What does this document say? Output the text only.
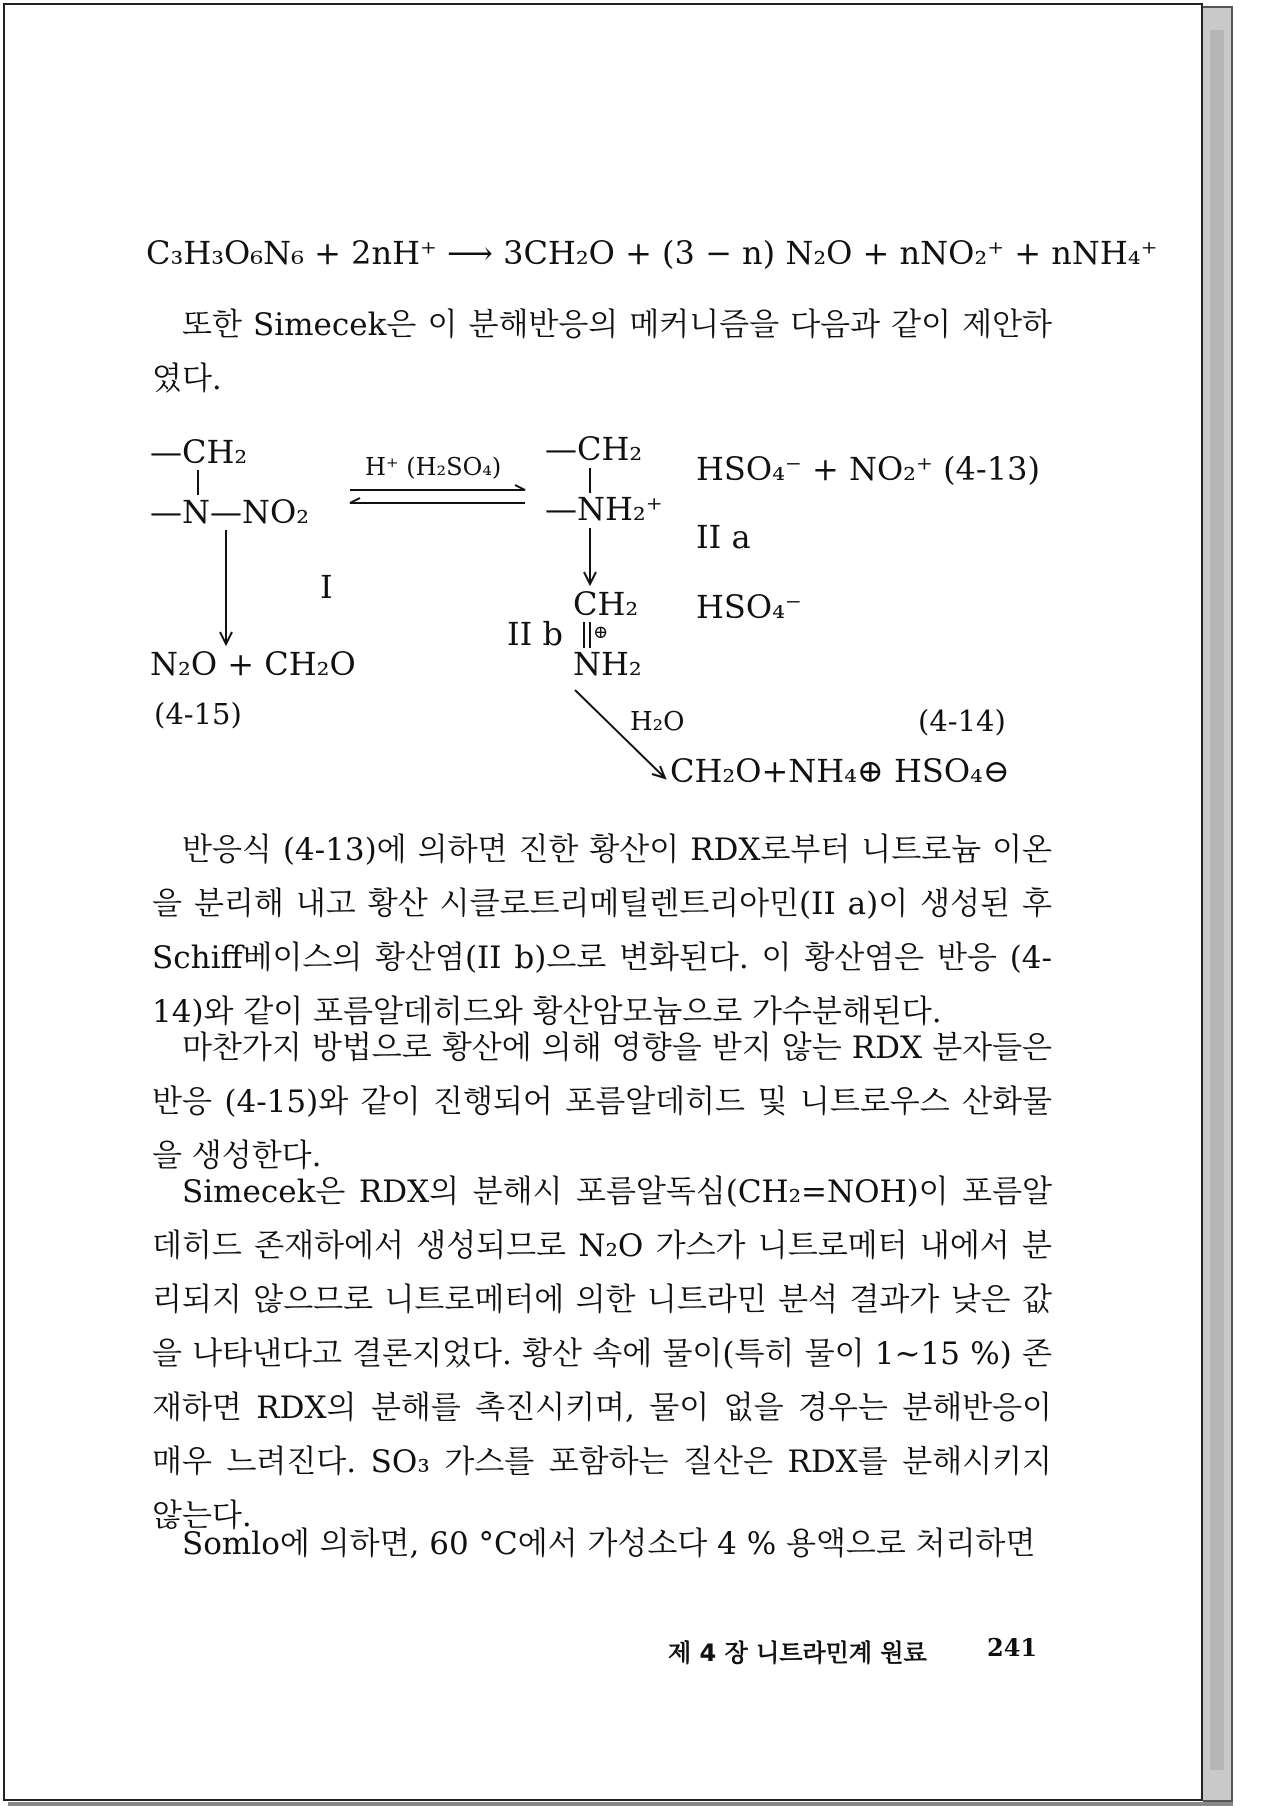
C₃H₃O₆N₆ + 2nH⁺ ⟶ 3CH₂O + (3 − n) N₂O + nNO₂⁺ + nNH₄⁺
또한 Simecek은 이 분해반응의 메커니즘을 다음과 같이 제안하였다.
—CH₂
—N—NO₂
H⁺ (H₂SO₄) —CH₂
—NH₂⁺
HSO₄⁻ + NO₂⁺ (4-13)
II a
I	CH₂ HSO₄⁻
II b ⊕
NH₂
N₂O + CH₂O
(4-15)	H₂O	(4-14)
CH₂O+NH₄⊕ HSO₄⊖
반응식 (4-13)에 의하면 진한 황산이 RDX로부터 니트로늄 이온을 분리해 내고 황산 시클로트리메틸렌트리아민(II a)이 생성된 후 Schiff베이스의 황산염(II b)으로 변화된다. 이 황산염은 반응 (4-14)와 같이 포름알데히드와 황산암모늄으로 가수분해된다.
마찬가지 방법으로 황산에 의해 영향을 받지 않는 RDX 분자들은 반응 (4-15)와 같이 진행되어 포름알데히드 및 니트로우스 산화물을 생성한다.
Simecek은 RDX의 분해시 포름알독심(CH₂=NOH)이 포름알데히드 존재하에서 생성되므로 N₂O 가스가 니트로메터 내에서 분리되지 않으므로 니트로메터에 의한 니트라민 분석 결과가 낮은 값을 나타낸다고 결론지었다. 황산 속에 물이(특히 물이 1~15 %) 존재하면 RDX의 분해를 촉진시키며, 물이 없을 경우는 분해반응이 매우 느려진다. SO₃ 가스를 포함하는 질산은 RDX를 분해시키지 않는다.
Somlo에 의하면, 60 °C에서 가성소다 4 % 용액으로 처리하면
제 4 장 니트라민계 원료	241
